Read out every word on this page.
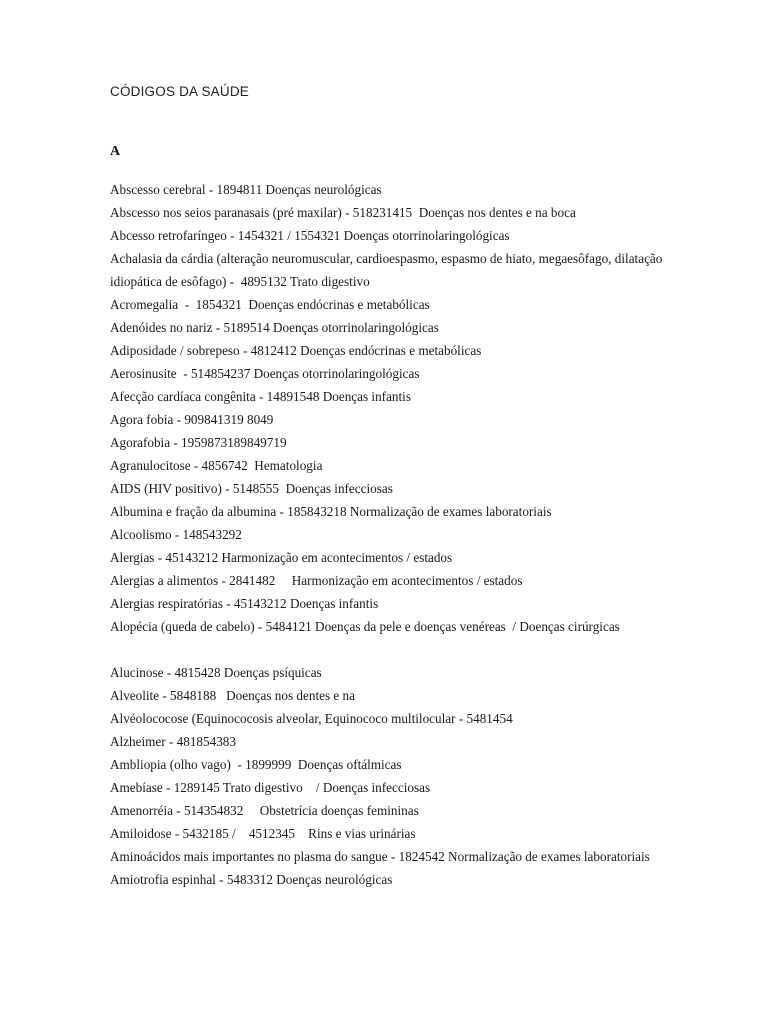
CÓDIGOS DA SAÚDE
A
Abscesso cerebral - 1894811 Doenças neurológicas
Abscesso nos seios paranasais (pré maxilar) - 518231415  Doenças nos dentes e na boca
Abcesso retrofaríngeo - 1454321 / 1554321 Doenças otorrinolaringológicas
Achalasia da cárdia (alteração neuromuscular, cardioespasmo, espasmo de hiato, megaesôfago, dilatação idiopática de esôfago) -  4895132 Trato digestivo
Acromegalia  -  1854321  Doenças endócrinas e metabólicas
Adenóides no nariz - 5189514 Doenças otorrinolaringológicas
Adiposidade / sobrepeso - 4812412 Doenças endócrinas e metabólicas
Aerosinusite  - 514854237 Doenças otorrinolaringológicas
Afecção cardíaca congênita - 14891548 Doenças infantis
Agora fobia - 909841319 8049
Agorafobia - 1959873189849719
Agranulocitose - 4856742  Hematologia
AIDS (HIV positivo) - 5148555  Doenças infecciosas
Albumina e fração da albumina - 185843218 Normalização de exames laboratoriais
Alcoolismo - 148543292
Alergias - 45143212 Harmonização em acontecimentos / estados
Alergias a alimentos - 2841482     Harmonização em acontecimentos / estados
Alergias respiratórias - 45143212 Doenças infantis
Alopécia (queda de cabelo) - 5484121 Doenças da pele e doenças venéreas  / Doenças cirúrgicas
Alucinose - 4815428 Doenças psíquicas
Alveolite - 5848188   Doenças nos dentes e na
Alvéolococose (Equinococosis alveolar, Equinococo multilocular - 5481454
Alzheimer - 481854383
Ambliopia (olho vago)  - 1899999  Doenças oftálmicas
Amebíase - 1289145 Trato digestivo    / Doenças infecciosas
Amenorréia - 514354832     Obstetrícia doenças femininas
Amiloidose - 5432185 /    4512345    Rins e vias urinárias
Aminoácidos mais importantes no plasma do sangue - 1824542 Normalização de exames laboratoriais
Amiotrofia espinhal - 5483312 Doenças neurológicas
